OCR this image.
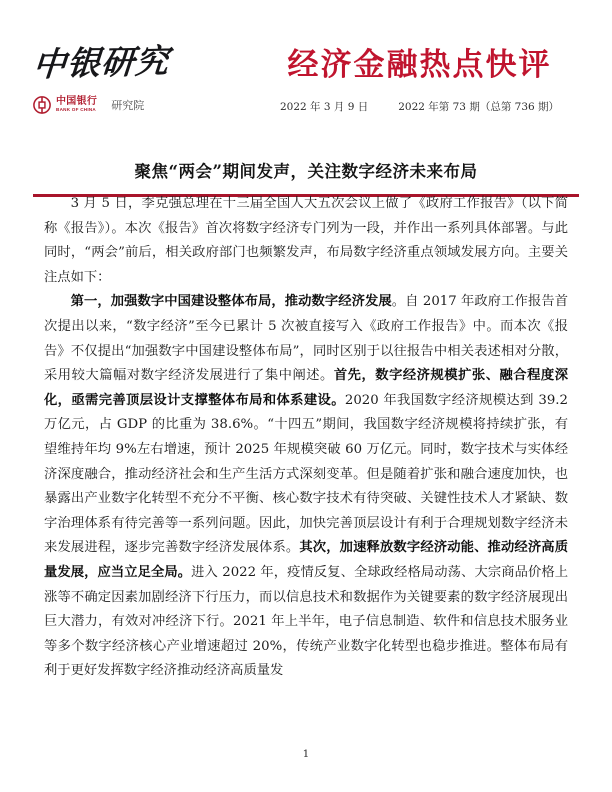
中银研究
中国银行
BANK OF CHINA 研究院
经济金融热点快评
2022 年 3 月 9 日	2022 年第 73 期（总第 736 期）
聚焦“两会”期间发声，关注数字经济未来布局

3 月 5 日，李克强总理在十三届全国人大五次会议上做了《政府工作报告》（以下简称《报告》）。本次《报告》首次将数字经济专门列为一段，并作出一系列具体部署。与此同时，“两会”前后，相关政府部门也频繁发声，布局数字经济重点领域发展方向。主要关注点如下：

第一，加强数字中国建设整体布局，推动数字经济发展。自 2017 年政府工作报告首次提出以来，“数字经济”至今已累计 5 次被直接写入《政府工作报告》中。而本次《报告》不仅提出“加强数字中国建设整体布局”，同时区别于以往报告中相关表述相对分散，采用较大篇幅对数字经济发展进行了集中阐述。首先，数字经济规模扩张、融合程度深化，亟需完善顶层设计支撑整体布局和体系建设。2020 年我国数字经济规模达到 39.2 万亿元，占 GDP 的比重为 38.6%。“十四五”期间，我国数字经济规模将持续扩张，有望维持年均 9%左右增速，预计 2025 年规模突破 60 万亿元。同时，数字技术与实体经济深度融合，推动经济社会和生产生活方式深刻变革。但是随着扩张和融合速度加快，也暴露出产业数字化转型不充分不平衡、核心数字技术有待突破、关键性技术人才紧缺、数字治理体系有待完善等一系列问题。因此，加快完善顶层设计有利于合理规划数字经济未来发展进程，逐步完善数字经济发展体系。其次，加速释放数字经济动能、推动经济高质量发展，应当立足全局。进入 2022 年，疫情反复、全球政经格局动荡、大宗商品价格上涨等不确定因素加剧经济下行压力，而以信息技术和数据作为关键要素的数字经济展现出巨大潜力，有效对冲经济下行。2021 年上半年，电子信息制造、软件和信息技术服务业等多个数字经济核心产业增速超过 20%，传统产业数字化转型也稳步推进。整体布局有利于更好发挥数字经济推动经济高质量发

1
